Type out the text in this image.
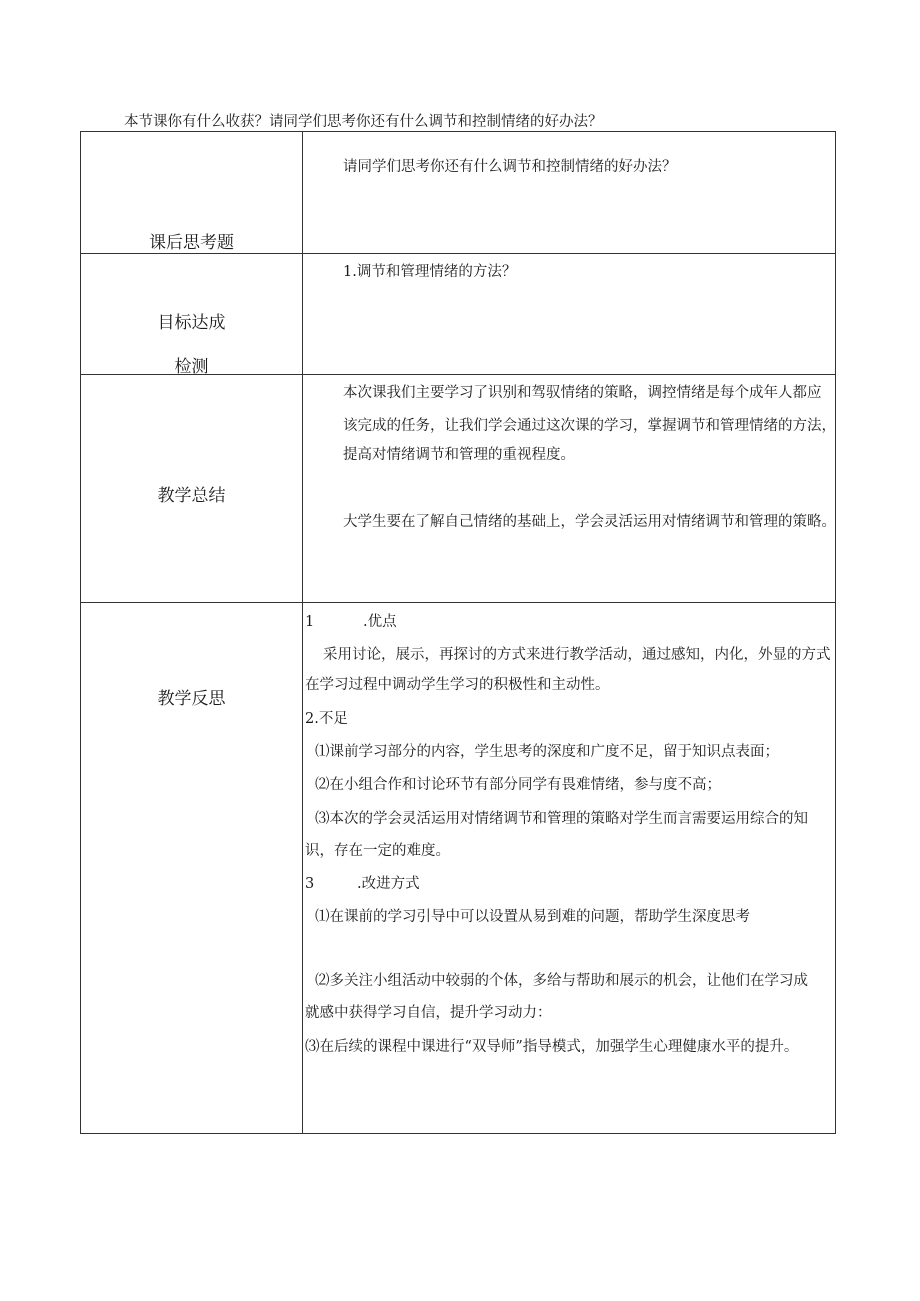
本节课你有什么收获？请同学们思考你还有什么调节和控制情绪的好办法？
课后思考题
请同学们思考你还有什么调节和控制情绪的好办法？
目标达成
检测
1.调节和管理情绪的方法？
教学总结
本次课我们主要学习了识别和驾驭情绪的策略，调控情绪是每个成年人都应
该完成的任务，让我们学会通过这次课的学习，掌握调节和管理情绪的方法，
提高对情绪调节和管理的重视程度。
大学生要在了解自己情绪的基础上，学会灵活运用对情绪调节和管理的策略。
教学反思
1	.优点
采用讨论，展示，再探讨的方式来进行教学活动，通过感知，内化，外显的方式
在学习过程中调动学生学习的积极性和主动性。
2.不足
⑴课前学习部分的内容，学生思考的深度和广度不足，留于知识点表面；
⑵在小组合作和讨论环节有部分同学有畏难情绪，参与度不高；
⑶本次的学会灵活运用对情绪调节和管理的策略对学生而言需要运用综合的知
识，存在一定的难度。
3	.改进方式
⑴在课前的学习引导中可以设置从易到难的问题，帮助学生深度思考
⑵多关注小组活动中较弱的个体，多给与帮助和展示的机会，让他们在学习成
就感中获得学习自信，提升学习动力：
⑶在后续的课程中课进行“双导师”指导模式，加强学生心理健康水平的提升。
